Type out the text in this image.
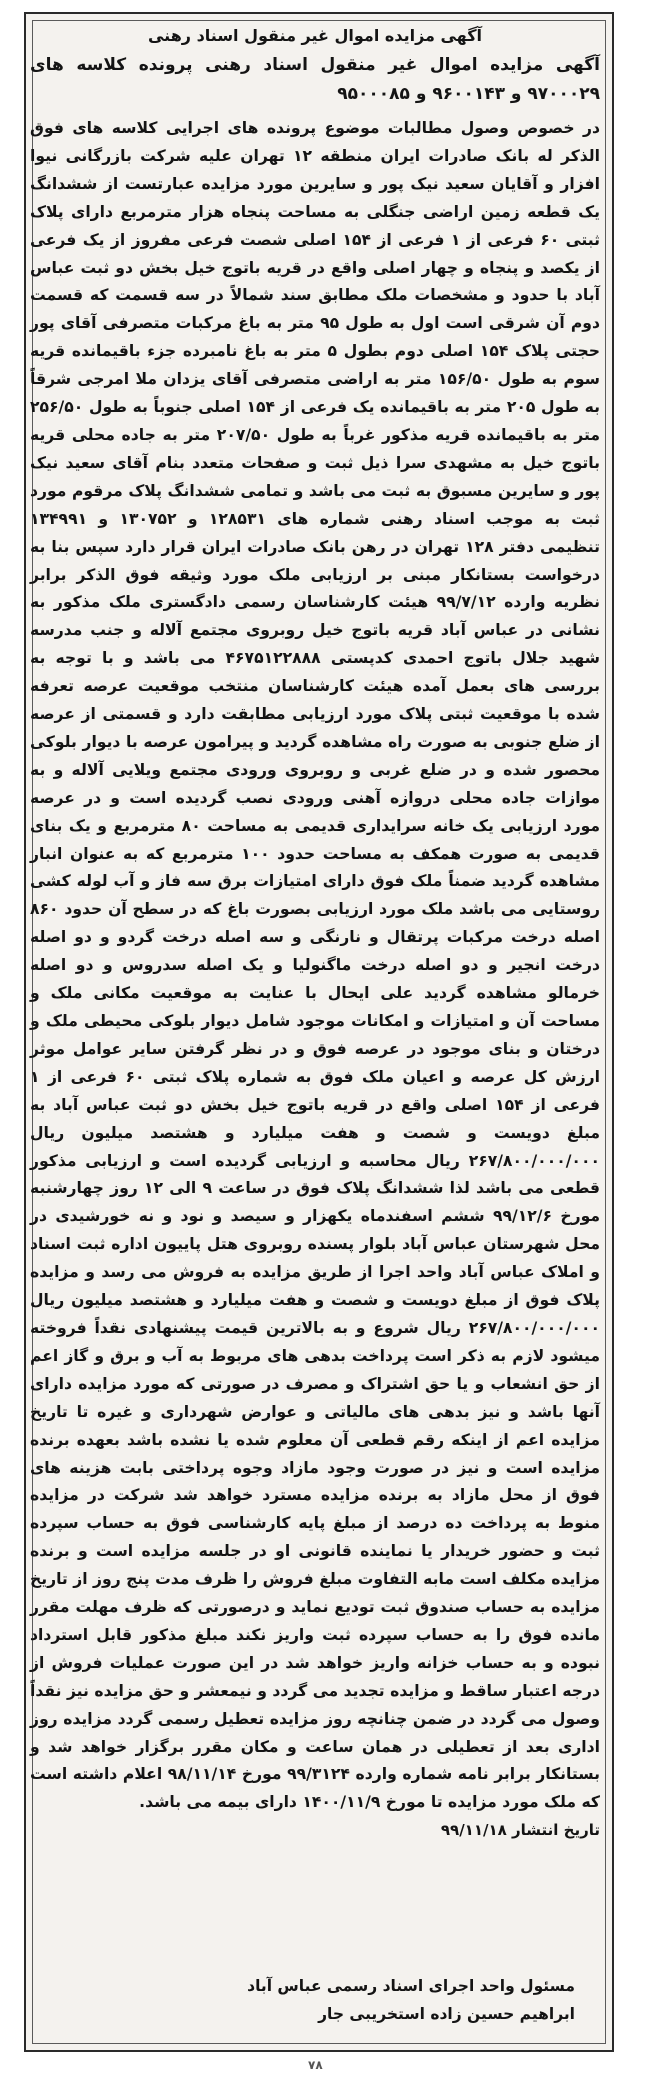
آگهی مزایده اموال غیر منقول اسناد رهنی
آگهی مزایده اموال غیر منقول اسناد رهنی پرونده کلاسه های ۹۷۰۰۰۲۹ و ۹۶۰۰۱۴۳ و ۹۵۰۰۰۸۵

در خصوص وصول مطالبات موضوع پرونده های اجرایی کلاسه های فوق الذکر له بانک صادرات ایران منطقه ۱۲ تهران علیه شرکت بازرگانی نیوا افزار و آقایان سعید نیک پور و سایرین مورد مزایده عبارتست از ششدانگ یک قطعه زمین اراضی جنگلی به مساحت پنجاه هزار مترمربع دارای پلاک ثبتی ۶۰ فرعی از ۱ فرعی از ۱۵۴ اصلی شصت فرعی مفروز از یک فرعی از یکصد و پنجاه و چهار اصلی واقع در قریه باتوج خیل بخش دو ثبت عباس آباد با حدود و مشخصات ملک مطابق سند شمالاً در سه قسمت که قسمت دوم آن شرقی است اول به طول ۹۵ متر به باغ مرکبات متصرفی آقای پور حجتی پلاک ۱۵۴ اصلی دوم بطول ۵ متر به باغ نامبرده جزء باقیمانده قریه سوم به طول ۱۵۶/۵۰ متر به اراضی متصرفی آقای یزدان ملا امرجی شرقاً به طول ۲۰۵ متر به باقیمانده یک فرعی از ۱۵۴ اصلی جنوباً به طول ۲۵۶/۵۰ متر به باقیمانده قریه مذکور غرباً به طول ۲۰۷/۵۰ متر به جاده محلی قریه باتوج خیل به مشهدی سرا ذیل ثبت و صفحات متعدد بنام آقای سعید نیک پور و سایرین مسبوق به ثبت می باشد و تمامی ششدانگ پلاک مرقوم مورد ثبت به موجب اسناد رهنی شماره های ۱۲۸۵۳۱ و ۱۳۰۷۵۲ و ۱۳۴۹۹۱ تنظیمی دفتر ۱۲۸ تهران در رهن بانک صادرات ایران قرار دارد سپس بنا به درخواست بستانکار مبنی بر ارزیابی ملک مورد وثیقه فوق الذکر برابر نظریه وارده ۹۹/۷/۱۲ هیئت کارشناسان رسمی دادگستری ملک مذکور به نشانی در عباس آباد قریه باتوج خیل روبروی مجتمع آلاله و جنب مدرسه شهید جلال باتوج احمدی کدپستی ۴۶۷۵۱۲۲۸۸۸ می باشد و با توجه به بررسی های بعمل آمده هیئت کارشناسان منتخب موقعیت عرصه تعرفه شده با موقعیت ثبتی پلاک مورد ارزیابی مطابقت دارد و قسمتی از عرصه از ضلع جنوبی به صورت راه مشاهده گردید و پیرامون عرصه با دیوار بلوکی محصور شده و در ضلع غربی و روبروی ورودی مجتمع ویلایی آلاله و به موازات جاده محلی دروازه آهنی ورودی نصب گردیده است و در عرصه مورد ارزیابی یک خانه سرایداری قدیمی به مساحت ۸۰ مترمربع و یک بنای قدیمی به صورت همکف به مساحت حدود ۱۰۰ مترمربع که به عنوان انبار مشاهده گردید ضمناً ملک فوق دارای امتیازات برق سه فاز و آب لوله کشی روستایی می باشد ملک مورد ارزیابی بصورت باغ که در سطح آن حدود ۸۶۰ اصله درخت مرکبات پرتقال و نارنگی و سه اصله درخت گردو و دو اصله درخت انجیر و دو اصله درخت ماگنولیا و یک اصله سدروس و دو اصله خرمالو مشاهده گردید علی ایحال با عنایت به موقعیت مکانی ملک و مساحت آن و امتیازات و امکانات موجود شامل دیوار بلوکی محیطی ملک و درختان و بنای موجود در عرصه فوق و در نظر گرفتن سایر عوامل موثر ارزش کل عرصه و اعیان ملک فوق به شماره پلاک ثبتی ۶۰ فرعی از ۱ فرعی از ۱۵۴ اصلی واقع در قریه باتوج خیل بخش دو ثبت عباس آباد به مبلغ دویست و شصت و هفت میلیارد و هشتصد میلیون ریال ۲۶۷/۸۰۰/۰۰۰/۰۰۰ ریال محاسبه و ارزیابی گردیده است و ارزیابی مذکور قطعی می باشد لذا ششدانگ پلاک فوق در ساعت ۹ الی ۱۲ روز چهارشنبه مورخ ۹۹/۱۲/۶ ششم اسفندماه یکهزار و سیصد و نود و نه خورشیدی در محل شهرستان عباس آباد بلوار پسنده روبروی هتل پاییون اداره ثبت اسناد و املاک عباس آباد واحد اجرا از طریق مزایده به فروش می رسد و مزایده پلاک فوق از مبلغ دویست و شصت و هفت میلیارد و هشتصد میلیون ریال ۲۶۷/۸۰۰/۰۰۰/۰۰۰ ریال شروع و به بالاترین قیمت پیشنهادی نقداً فروخته میشود لازم به ذکر است پرداخت بدهی های مربوط به آب و برق و گاز اعم از حق انشعاب و یا حق اشتراک و مصرف در صورتی که مورد مزایده دارای آنها باشد و نیز بدهی های مالیاتی و عوارض شهرداری و غیره تا تاریخ مزایده اعم از اینکه رقم قطعی آن معلوم شده یا نشده باشد بعهده برنده مزایده است و نیز در صورت وجود مازاد وجوه پرداختی بابت هزینه های فوق از محل مازاد به برنده مزایده مسترد خواهد شد شرکت در مزایده منوط به پرداخت ده درصد از مبلغ پایه کارشناسی فوق به حساب سپرده ثبت و حضور خریدار یا نماینده قانونی او در جلسه مزایده است و برنده مزایده مکلف است مابه التفاوت مبلغ فروش را ظرف مدت پنج روز از تاریخ مزایده به حساب صندوق ثبت تودیع نماید و درصورتی که ظرف مهلت مقرر مانده فوق را به حساب سپرده ثبت واریز نکند مبلغ مذکور قابل استرداد نبوده و به حساب خزانه واریز خواهد شد در این صورت عملیات فروش از درجه اعتبار ساقط و مزایده تجدید می گردد و نیمعشر و حق مزایده نیز نقداً وصول می گردد در ضمن چنانچه روز مزایده تعطیل رسمی گردد مزایده روز اداری بعد از تعطیلی در همان ساعت و مکان مقرر برگزار خواهد شد و بستانکار برابر نامه شماره وارده ۹۹/۳۱۲۴ مورخ ۹۸/۱۱/۱۴ اعلام داشته است که ملک مورد مزایده تا مورخ ۱۴۰۰/۱۱/۹ دارای بیمه می باشد.

تاریخ انتشار ۹۹/۱۱/۱۸
مسئول واحد اجرای اسناد رسمی عباس آباد
ابراهیم حسین زاده استخریبی جار
۷۸
